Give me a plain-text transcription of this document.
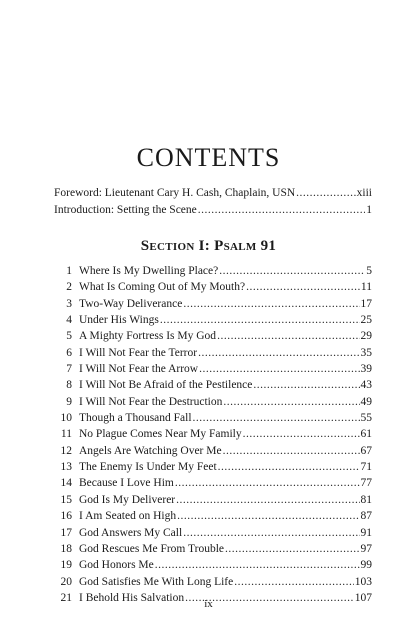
CONTENTS
Foreword: Lieutenant Cary H. Cash, Chaplain, USN .....	xiii
Introduction: Setting the Scene .....	1
Section I: Psalm 91
1 Where Is My Dwelling Place? .....	5
2 What Is Coming Out of My Mouth? .....	11
3 Two-Way Deliverance .....	17
4 Under His Wings .....	25
5 A Mighty Fortress Is My God .....	29
6 I Will Not Fear the Terror .....	35
7 I Will Not Fear the Arrow .....	39
8 I Will Not Be Afraid of the Pestilence .....	43
9 I Will Not Fear the Destruction .....	49
10 Though a Thousand Fall .....	55
11 No Plague Comes Near My Family .....	61
12 Angels Are Watching Over Me .....	67
13 The Enemy Is Under My Feet .....	71
14 Because I Love Him .....	77
15 God Is My Deliverer .....	81
16 I Am Seated on High .....	87
17 God Answers My Call .....	91
18 God Rescues Me From Trouble .....	97
19 God Honors Me .....	99
20 God Satisfies Me With Long Life .....	103
21 I Behold His Salvation .....	107
ix
